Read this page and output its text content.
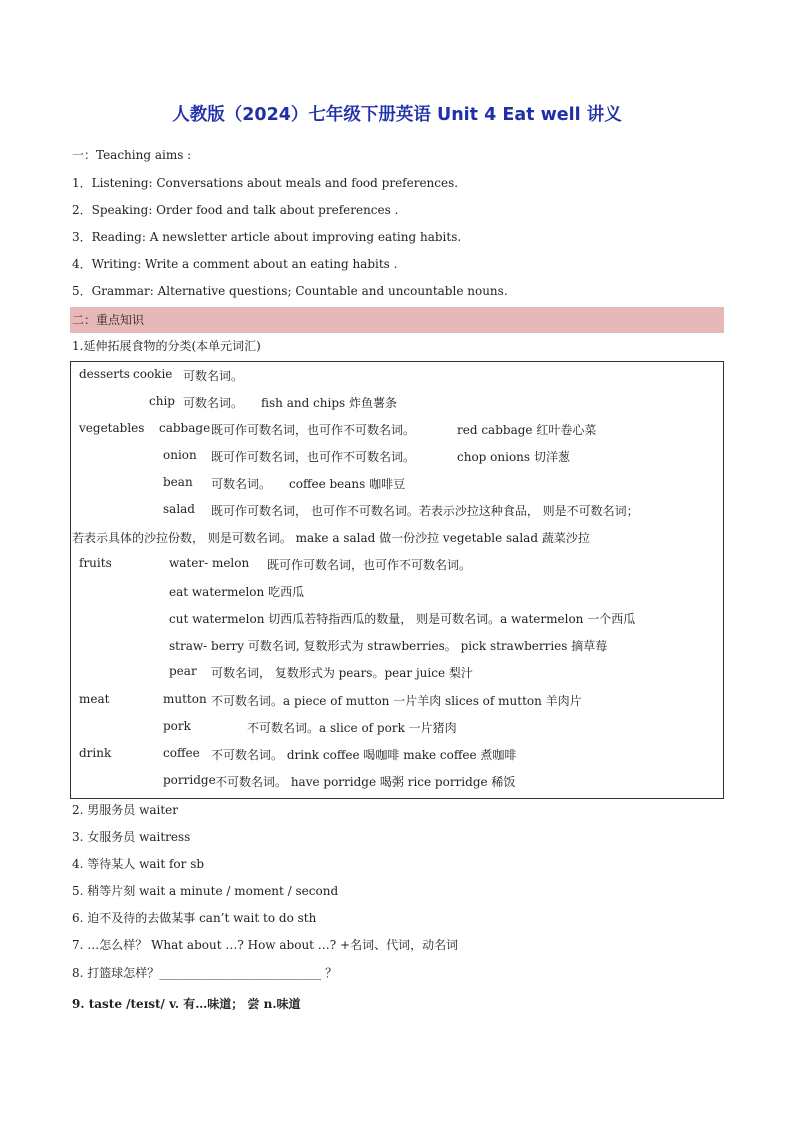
人教版（2024）七年级下册英语 Unit 4 Eat well 讲义
一：Teaching aims :
1．Listening: Conversations about meals and food preferences.
2．Speaking: Order food and talk about preferences .
3．Reading: A newsletter article about improving eating habits.
4．Writing: Write a comment about an eating habits .
5．Grammar: Alternative questions; Countable and uncountable nouns.
二：重点知识
1.延伸拓展食物的分类(本单元词汇)
desserts cookie 可数名词。
chip 可数名词。 fish and chips 炸鱼薯条
vegetables cabbage 既可作可数名词，也可作不可数名词。	red cabbage 红叶卷心菜
onion 既可作可数名词，也可作不可数名词。	chop onions 切洋葱
bean 可数名词。 coffee beans 咖啡豆
salad 既可作可数名词， 也可作不可数名词。若表示沙拉这种食品， 则是不可数名词；
若表示具体的沙拉份数， 则是可数名词。 make a salad 做一份沙拉 vegetable salad 蔬菜沙拉
fruits	water- melon 既可作可数名词，也可作不可数名词。
eat watermelon 吃西瓜
cut watermelon 切西瓜若特指西瓜的数量， 则是可数名词。a watermelon 一个西瓜
straw- berry 可数名词, 复数形式为 strawberries。 pick strawberries 摘草莓
pear 可数名词， 复数形式为 pears。pear juice 梨汁
meat	mutton 不可数名词。a piece of mutton 一片羊肉 slices of mutton 羊肉片
pork	不可数名词。a slice of pork 一片猪肉
drink	coffee 不可数名词。 drink coffee 喝咖啡 make coffee 煮咖啡
porridge 不可数名词。 have porridge 喝粥 rice porridge 稀饭
2. 男服务员 waiter
3. 女服务员 waitress
4. 等待某人 wait for sb
5. 稍等片刻 wait a minute / moment / second
6. 迫不及待的去做某事 can’t wait to do sth
7. …怎么样？ What about …? How about …? +名词、代词，动名词
8. 打篮球怎样？___________________________ ？
9. taste /teɪst/ v. 有…味道； 尝 n.味道
